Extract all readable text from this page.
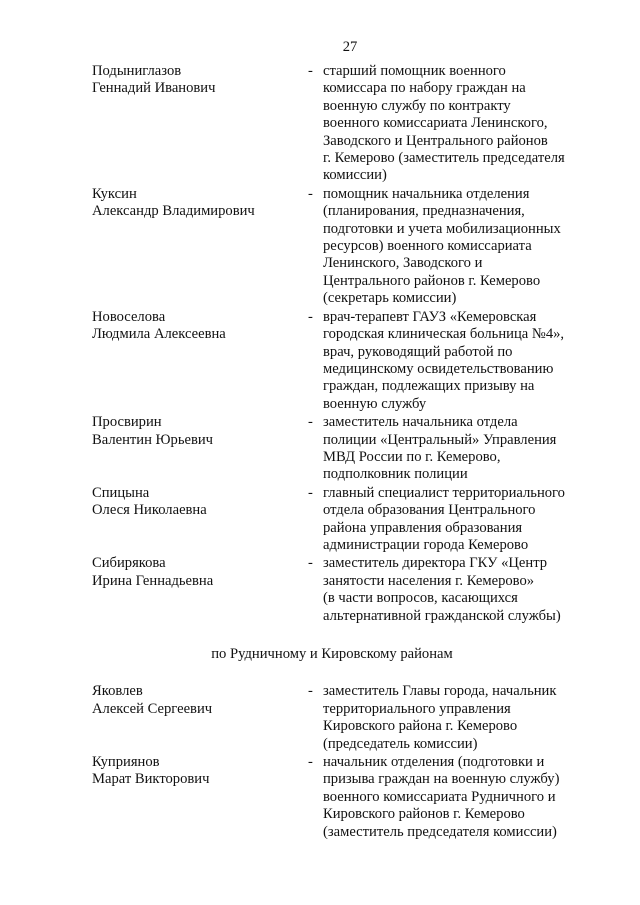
27
Подыниглазов
Геннадий Иванович
- старший помощник военного
комиссара по набору граждан на
военную службу по контракту
военного комиссариата Ленинского,
Заводского и Центрального районов
г. Кемерово (заместитель председателя
комиссии)
Куксин
Александр Владимирович
- помощник начальника отделения
(планирования, предназначения,
подготовки и учета мобилизационных
ресурсов) военного комиссариата
Ленинского, Заводского и
Центрального районов г. Кемерово
(секретарь комиссии)
Новоселова
Людмила Алексеевна
- врач-терапевт ГАУЗ «Кемеровская
городская клиническая больница №4»,
врач, руководящий работой по
медицинскому освидетельствованию
граждан, подлежащих призыву на
военную службу
Просвирин
Валентин Юрьевич
- заместитель начальника отдела
полиции «Центральный» Управления
МВД России по г. Кемерово,
подполковник полиции
Спицына
Олеся Николаевна
- главный специалист территориального
отдела образования Центрального
района управления образования
администрации города Кемерово
Сибирякова
Ирина Геннадьевна
- заместитель директора ГКУ «Центр
занятости населения г. Кемерово»
(в части вопросов, касающихся
альтернативной гражданской службы)
по Рудничному и Кировскому районам
Яковлев
Алексей Сергеевич
- заместитель Главы города, начальник
территориального управления
Кировского района г. Кемерово
(председатель комиссии)
Куприянов
Марат Викторович
- начальник отделения (подготовки и
призыва граждан на военную службу)
военного комиссариата Рудничного и
Кировского районов г. Кемерово
(заместитель председателя комиссии)
